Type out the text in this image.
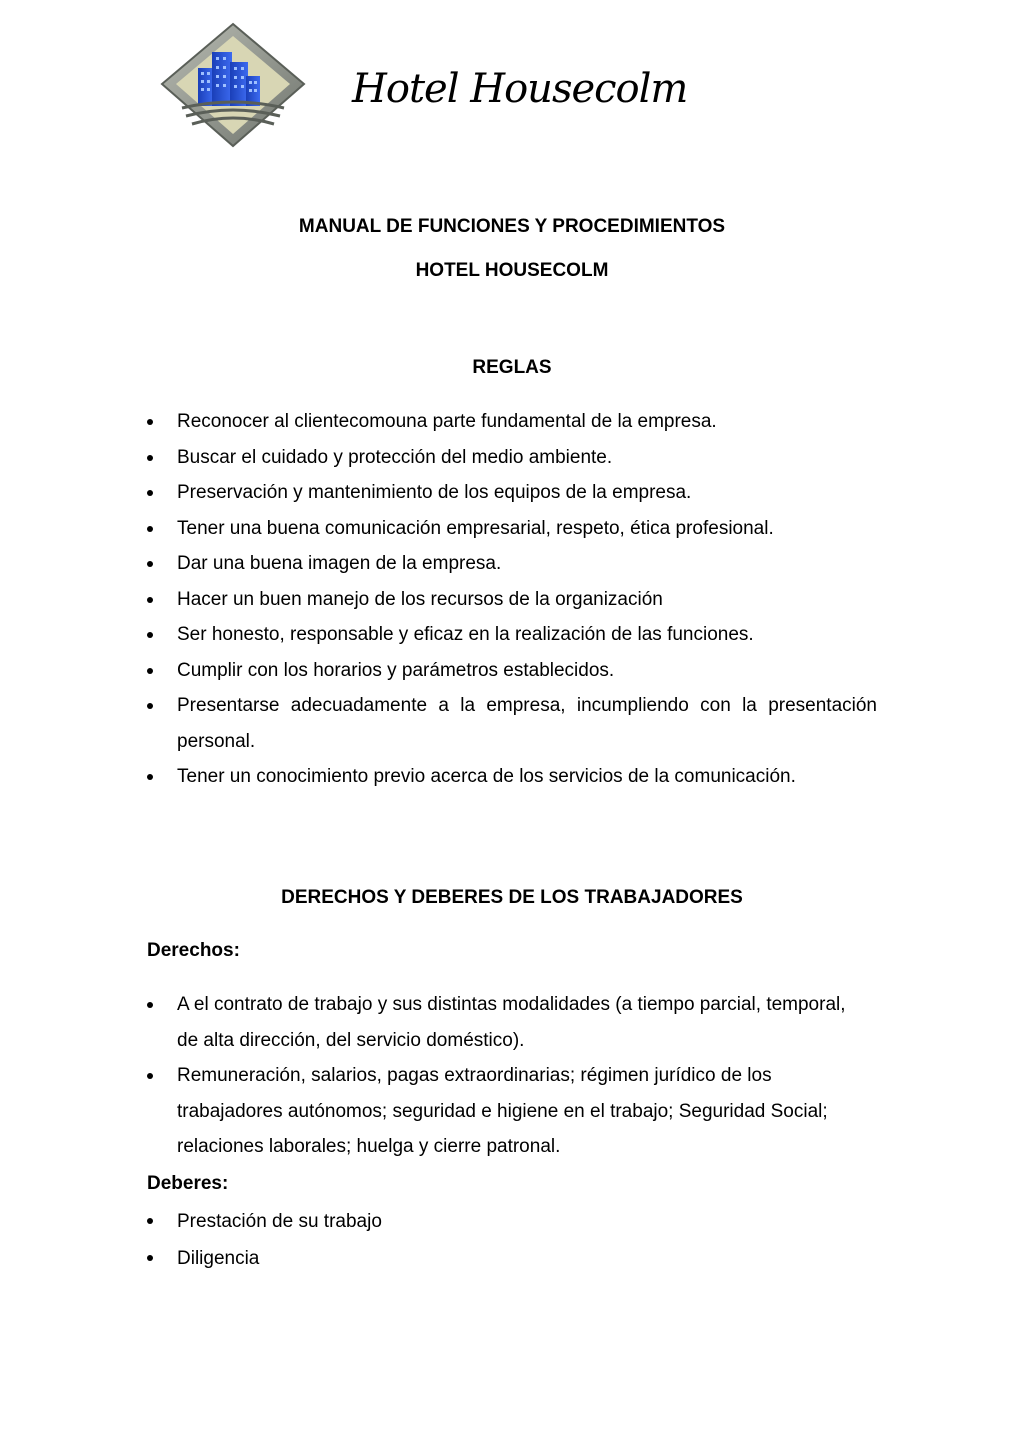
Hotel Housecolm
MANUAL DE FUNCIONES Y PROCEDIMIENTOS
HOTEL HOUSECOLM
REGLAS
Reconocer al clientecomouna parte fundamental de la empresa.
Buscar el cuidado y protección del medio ambiente.
Preservación y mantenimiento de los equipos de la empresa.
Tener una buena comunicación empresarial, respeto, ética profesional.
Dar una buena imagen de la empresa.
Hacer un buen manejo de los recursos de la organización
Ser honesto, responsable y eficaz en la realización de las funciones.
Cumplir con los horarios y parámetros establecidos.
Presentarse adecuadamente a la empresa, incumpliendo con la presentación personal.
Tener un conocimiento previo acerca de los servicios de la comunicación.
DERECHOS Y DEBERES DE LOS TRABAJADORES
Derechos:
A el contrato de trabajo y sus distintas modalidades (a tiempo parcial, temporal, de alta dirección, del servicio doméstico).
Remuneración, salarios, pagas extraordinarias; régimen jurídico de los trabajadores autónomos; seguridad e higiene en el trabajo; Seguridad Social; relaciones laborales; huelga y cierre patronal.
Deberes:
Prestación de su trabajo
Diligencia
